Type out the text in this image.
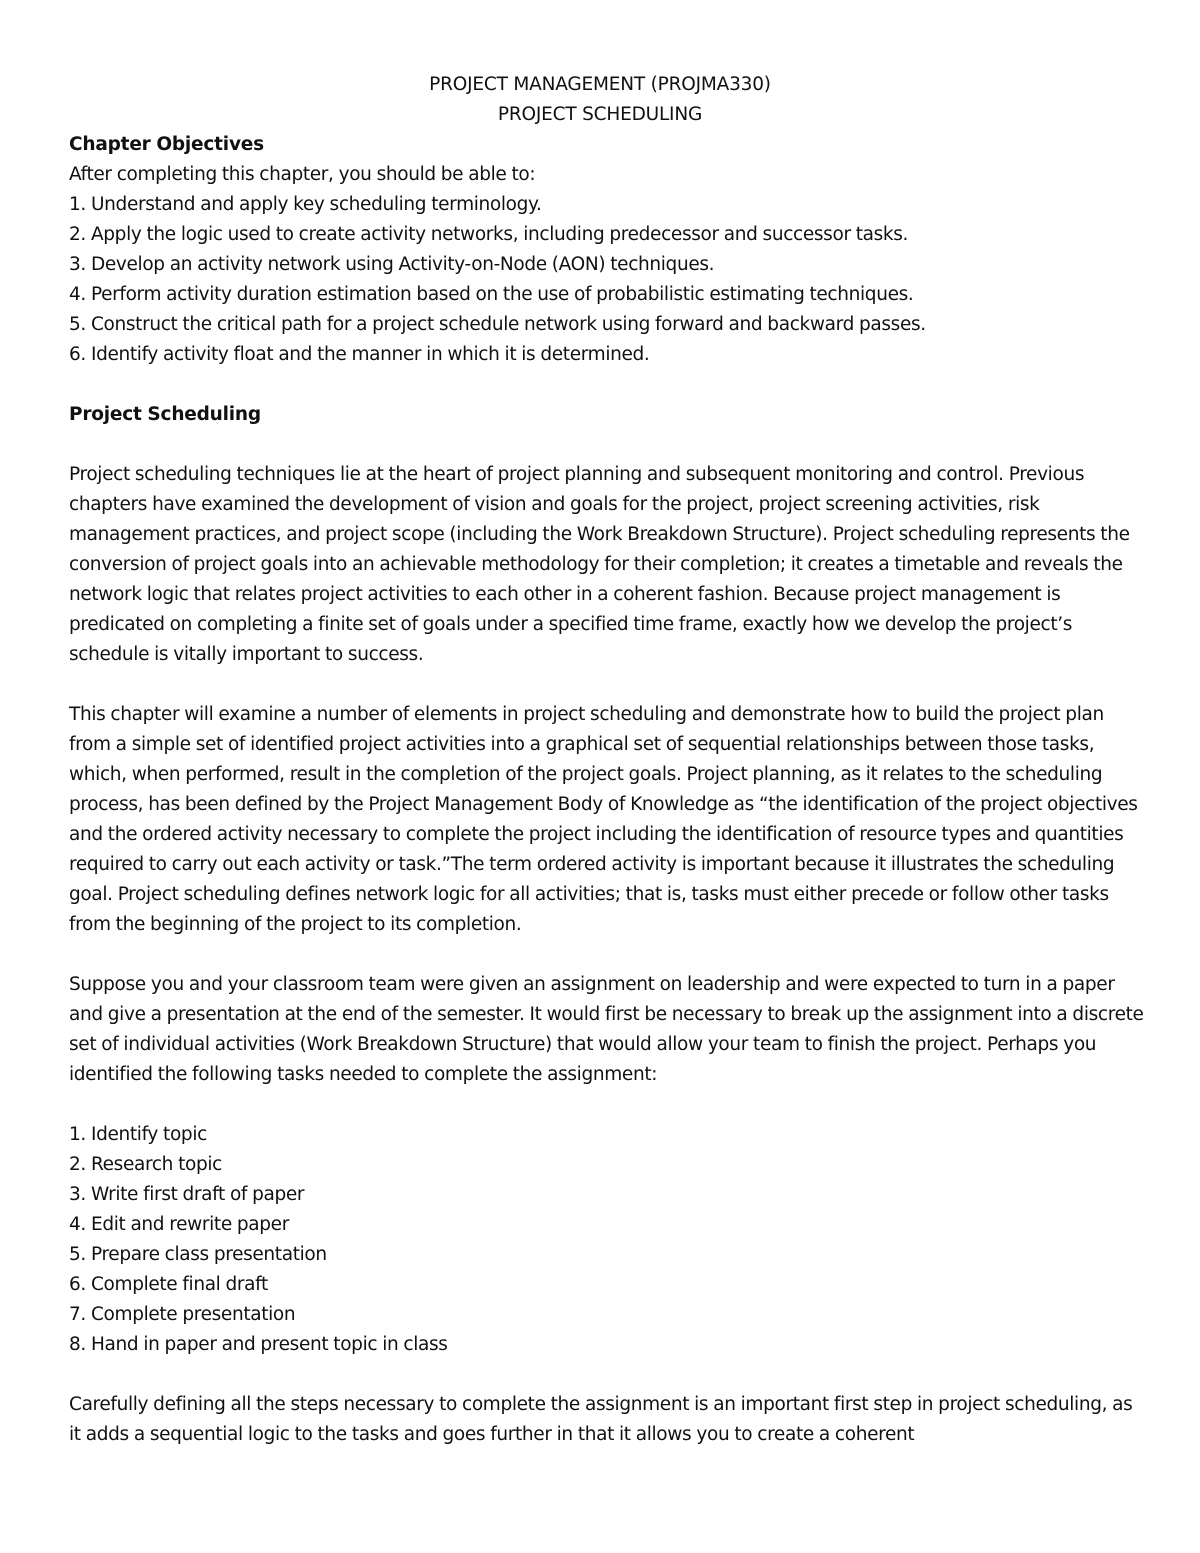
PROJECT MANAGEMENT (PROJMA330)
PROJECT SCHEDULING
Chapter Objectives
After completing this chapter, you should be able to:
1. Understand and apply key scheduling terminology.
2. Apply the logic used to create activity networks, including predecessor and successor tasks.
3. Develop an activity network using Activity-on-Node (AON) techniques.
4. Perform activity duration estimation based on the use of probabilistic estimating techniques.
5. Construct the critical path for a project schedule network using forward and backward passes.
6. Identify activity float and the manner in which it is determined.
Project Scheduling

Project scheduling techniques lie at the heart of project planning and subsequent monitoring and control. Previous chapters have examined the development of vision and goals for the project, project screening activities, risk management practices, and project scope (including the Work Breakdown Structure). Project scheduling represents the conversion of project goals into an achievable methodology for their completion; it creates a timetable and reveals the network logic that relates project activities to each other in a coherent fashion. Because project management is predicated on completing a finite set of goals under a specified time frame, exactly how we develop the project’s schedule is vitally important to success.

This chapter will examine a number of elements in project scheduling and demonstrate how to build the project plan from a simple set of identified project activities into a graphical set of sequential relationships between those tasks, which, when performed, result in the completion of the project goals. Project planning, as it relates to the scheduling process, has been defined by the Project Management Body of Knowledge as “the identification of the project objectives and the ordered activity necessary to complete the project including the identification of resource types and quantities required to carry out each activity or task.”The term ordered activity is important because it illustrates the scheduling goal. Project scheduling defines network logic for all activities; that is, tasks must either precede or follow other tasks from the beginning of the project to its completion.

Suppose you and your classroom team were given an assignment on leadership and were expected to turn in a paper and give a presentation at the end of the semester. It would first be necessary to break up the assignment into a discrete set of individual activities (Work Breakdown Structure) that would allow your team to finish the project. Perhaps you identified the following tasks needed to complete the assignment:

1. Identify topic
2. Research topic
3. Write first draft of paper
4. Edit and rewrite paper
5. Prepare class presentation
6. Complete final draft
7. Complete presentation
8. Hand in paper and present topic in class

Carefully defining all the steps necessary to complete the assignment is an important first step in project scheduling, as it adds a sequential logic to the tasks and goes further in that it allows you to create a coherent
